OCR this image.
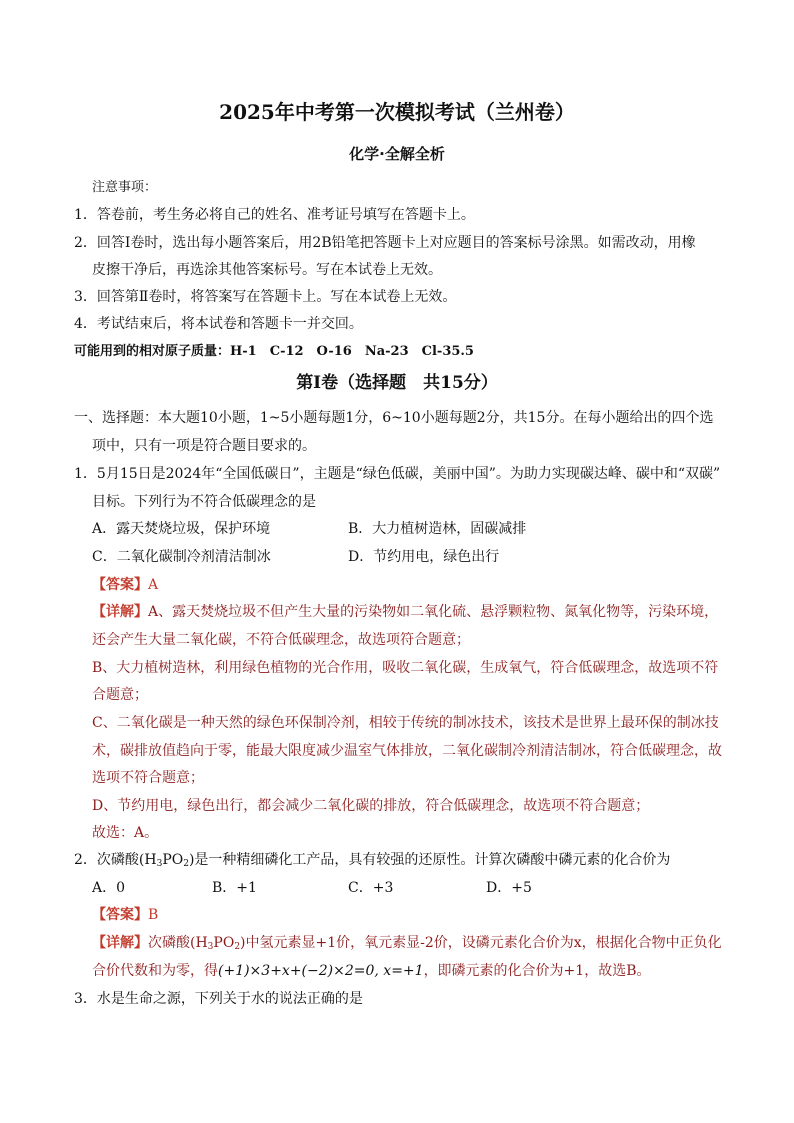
2025年中考第一次模拟考试（兰州卷）
化学·全解全析
注意事项：
1．答卷前，考生务必将自己的姓名、准考证号填写在答题卡上。
2．回答Ⅰ卷时，选出每小题答案后，用2B铅笔把答题卡上对应题目的答案标号涂黑。如需改动，用橡
皮擦干净后，再选涂其他答案标号。写在本试卷上无效。
3．回答第Ⅱ卷时，将答案写在答题卡上。写在本试卷上无效。
4．考试结束后，将本试卷和答题卡一并交回。
可能用到的相对原子质量：H-1　C-12　O-16　Na-23　Cl-35.5
第Ⅰ卷（选择题　共15分）
一、选择题：本大题10小题，1~5小题每题1分，6~10小题每题2分，共15分。在每小题给出的四个选
项中，只有一项是符合题目要求的。
1．5月15日是2024年“全国低碳日”，主题是“绿色低碳，美丽中国”。为助力实现碳达峰、碳中和“双碳”
目标。下列行为不符合低碳理念的是
A．露天焚烧垃圾，保护环境	B．大力植树造林，固碳减排
C．二氧化碳制冷剂清洁制冰	D．节约用电，绿色出行
【答案】A
【详解】A、露天焚烧垃圾不但产生大量的污染物如二氧化硫、悬浮颗粒物、氮氧化物等，污染环境，
还会产生大量二氧化碳，不符合低碳理念，故选项符合题意；
B、大力植树造林，利用绿色植物的光合作用，吸收二氧化碳，生成氧气，符合低碳理念，故选项不符
合题意；
C、二氧化碳是一种天然的绿色环保制冷剂，相较于传统的制冰技术，该技术是世界上最环保的制冰技
术，碳排放值趋向于零，能最大限度减少温室气体排放，二氧化碳制冷剂清洁制冰，符合低碳理念，故
选项不符合题意；
D、节约用电，绿色出行，都会减少二氧化碳的排放，符合低碳理念，故选项不符合题意；
故选：A。
2．次磷酸$(H_3PO_2)$是一种精细磷化工产品，具有较强的还原性。计算次磷酸中磷元素的化合价为
A．0	B．+1	C．+3	D．+5
【答案】B
【详解】次磷酸$(H_3PO_2)$中氢元素显+1价，氧元素显-2价，设磷元素化合价为x，根据化合物中正负化
合价代数和为零，得(+1)×3+x+(−2)×2=0, x=+1，即磷元素的化合价为+1，故选B。
3．水是生命之源，下列关于水的说法正确的是
